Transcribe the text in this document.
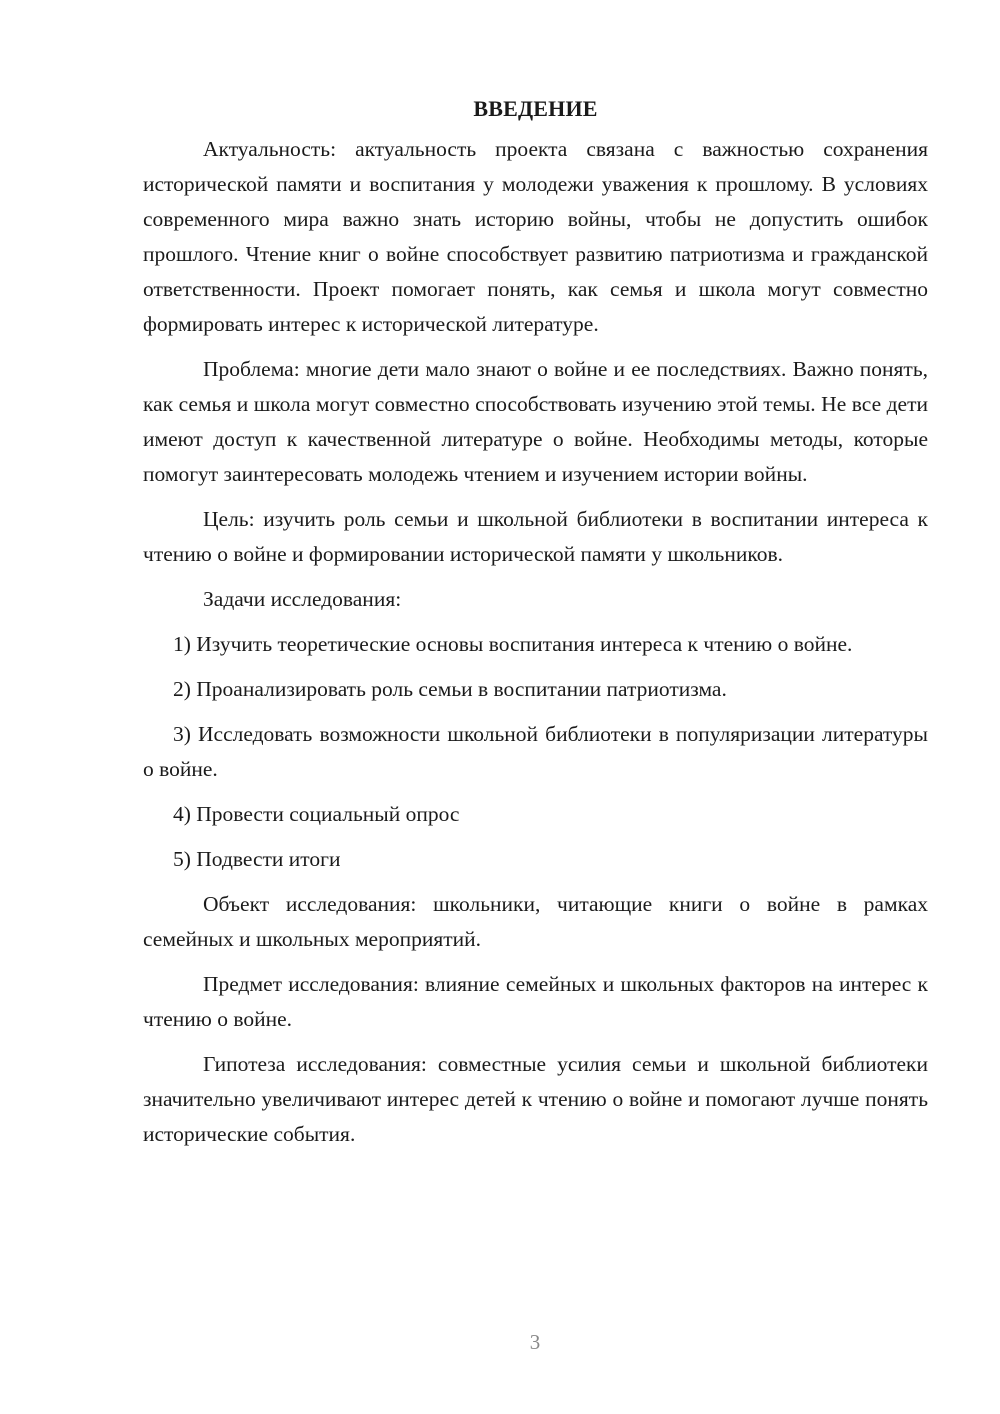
ВВЕДЕНИЕ

Актуальность: актуальность проекта связана с важностью сохранения исторической памяти и воспитания у молодежи уважения к прошлому. В условиях современного мира важно знать историю войны, чтобы не допустить ошибок прошлого. Чтение книг о войне способствует развитию патриотизма и гражданской ответственности. Проект помогает понять, как семья и школа могут совместно формировать интерес к исторической литературе.

Проблема: многие дети мало знают о войне и ее последствиях. Важно понять, как семья и школа могут совместно способствовать изучению этой темы. Не все дети имеют доступ к качественной литературе о войне. Необходимы методы, которые помогут заинтересовать молодежь чтением и изучением истории войны.

Цель: изучить роль семьи и школьной библиотеки в воспитании интереса к чтению о войне и формировании исторической памяти у школьников.

Задачи исследования:

1) Изучить теоретические основы воспитания интереса к чтению о войне.

2) Проанализировать роль семьи в воспитании патриотизма.

3) Исследовать возможности школьной библиотеки в популяризации литературы о войне.

4) Провести социальный опрос

5) Подвести итоги

Объект исследования: школьники, читающие книги о войне в рамках семейных и школьных мероприятий.

Предмет исследования: влияние семейных и школьных факторов на интерес к чтению о войне.

Гипотеза исследования: совместные усилия семьи и школьной библиотеки значительно увеличивают интерес детей к чтению о войне и помогают лучше понять исторические события.

3
